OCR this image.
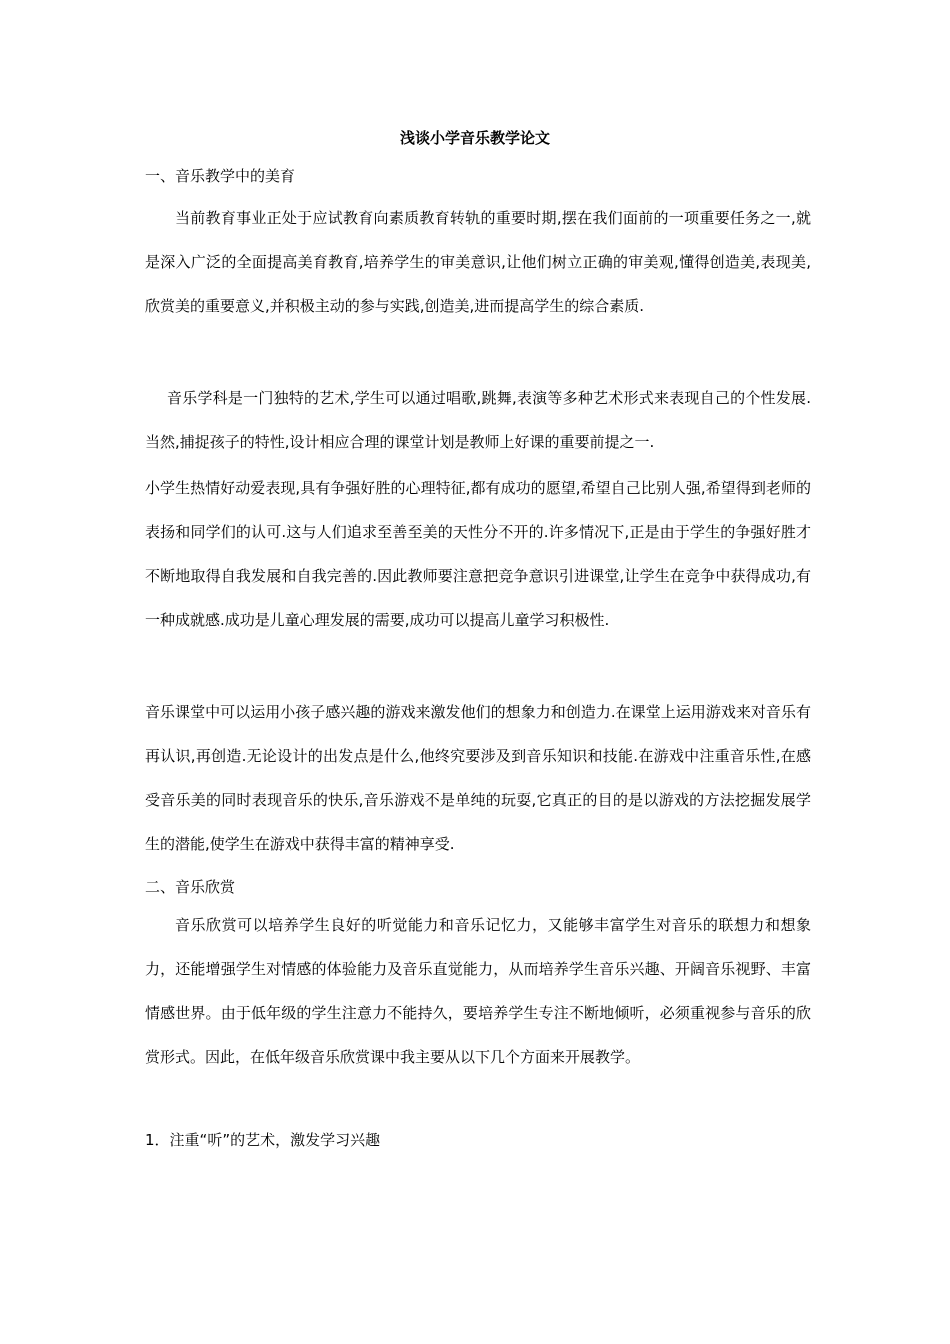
浅谈小学音乐教学论文

一、音乐教学中的美育

当前教育事业正处于应试教育向素质教育转轨的重要时期,摆在我们面前的一项重要任务之一,就是深入广泛的全面提高美育教育,培养学生的审美意识,让他们树立正确的审美观,懂得创造美,表现美,欣赏美的重要意义,并积极主动的参与实践,创造美,进而提高学生的综合素质.

音乐学科是一门独特的艺术,学生可以通过唱歌,跳舞,表演等多种艺术形式来表现自己的个性发展.当然,捕捉孩子的特性,设计相应合理的课堂计划是教师上好课的重要前提之一.

小学生热情好动爱表现,具有争强好胜的心理特征,都有成功的愿望,希望自己比别人强,希望得到老师的表扬和同学们的认可.这与人们追求至善至美的天性分不开的.许多情况下,正是由于学生的争强好胜才不断地取得自我发展和自我完善的.因此教师要注意把竞争意识引进课堂,让学生在竞争中获得成功,有一种成就感.成功是儿童心理发展的需要,成功可以提高儿童学习积极性.

音乐课堂中可以运用小孩子感兴趣的游戏来激发他们的想象力和创造力.在课堂上运用游戏来对音乐有再认识,再创造.无论设计的出发点是什么,他终究要涉及到音乐知识和技能.在游戏中注重音乐性,在感受音乐美的同时表现音乐的快乐,音乐游戏不是单纯的玩耍,它真正的目的是以游戏的方法挖掘发展学生的潜能,使学生在游戏中获得丰富的精神享受.

二、音乐欣赏

音乐欣赏可以培养学生良好的听觉能力和音乐记忆力，又能够丰富学生对音乐的联想力和想象力，还能增强学生对情感的体验能力及音乐直觉能力，从而培养学生音乐兴趣、开阔音乐视野、丰富情感世界。由于低年级的学生注意力不能持久，要培养学生专注不断地倾听，必须重视参与音乐的欣赏形式。因此，在低年级音乐欣赏课中我主要从以下几个方面来开展教学。

1．注重“听”的艺术，激发学习兴趣
